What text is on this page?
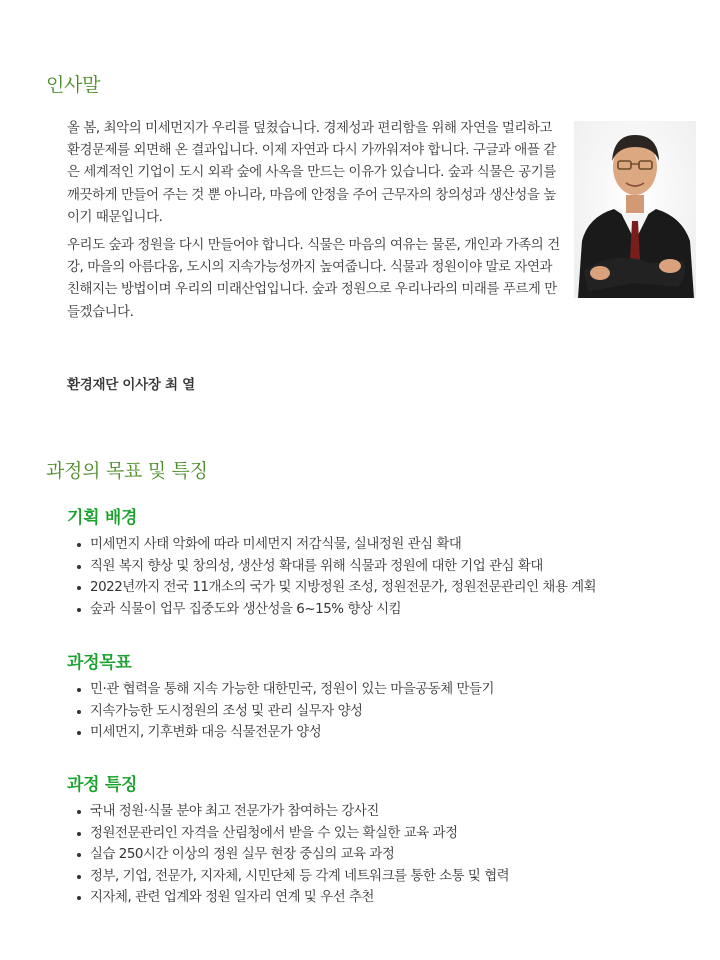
인사말

올 봄, 최악의 미세먼지가 우리를 덮쳤습니다. 경제성과 편리함을 위해 자연을 멀리하고 환경문제를 외면해 온 결과입니다. 이제 자연과 다시 가까워져야 합니다. 구글과 애플 같은 세계적인 기업이 도시 외곽 숲에 사옥을 만드는 이유가 있습니다. 숲과 식물은 공기를 깨끗하게 만들어 주는 것 뿐 아니라, 마음에 안정을 주어 근무자의 창의성과 생산성을 높이기 때문입니다.

우리도 숲과 정원을 다시 만들어야 합니다. 식물은 마음의 여유는 물론, 개인과 가족의 건강, 마을의 아름다움, 도시의 지속가능성까지 높여줍니다. 식물과 정원이야 말로 자연과 친해지는 방법이며 우리의 미래산업입니다. 숲과 정원으로 우리나라의 미래를 푸르게 만들겠습니다.

환경재단 이사장 최 열
과정의 목표 및 특징
기획 배경
미세먼지 사태 악화에 따라 미세먼지 저감식물, 실내정원 관심 확대
직원 복지 향상 및 창의성, 생산성 확대를 위해 식물과 정원에 대한 기업 관심 확대
2022년까지 전국 11개소의 국가 및 지방정원 조성, 정원전문가, 정원전문관리인 채용 계획
숲과 식물이 업무 집중도와 생산성을 6~15% 향상 시킴
과정목표
민·관 협력을 통해 지속 가능한 대한민국, 정원이 있는 마을공동체 만들기
지속가능한 도시정원의 조성 및 관리 실무자 양성
미세먼지, 기후변화 대응 식물전문가 양성
과정 특징
국내 정원·식물 분야 최고 전문가가 참여하는 강사진
정원전문관리인 자격을 산림청에서 받을 수 있는 확실한 교육 과정
실습 250시간 이상의 정원 실무 현장 중심의 교육 과정
정부, 기업, 전문가, 지자체, 시민단체 등 각계 네트워크를 통한 소통 및 협력
지자체, 관련 업계와 정원 일자리 연계 및 우선 추천
